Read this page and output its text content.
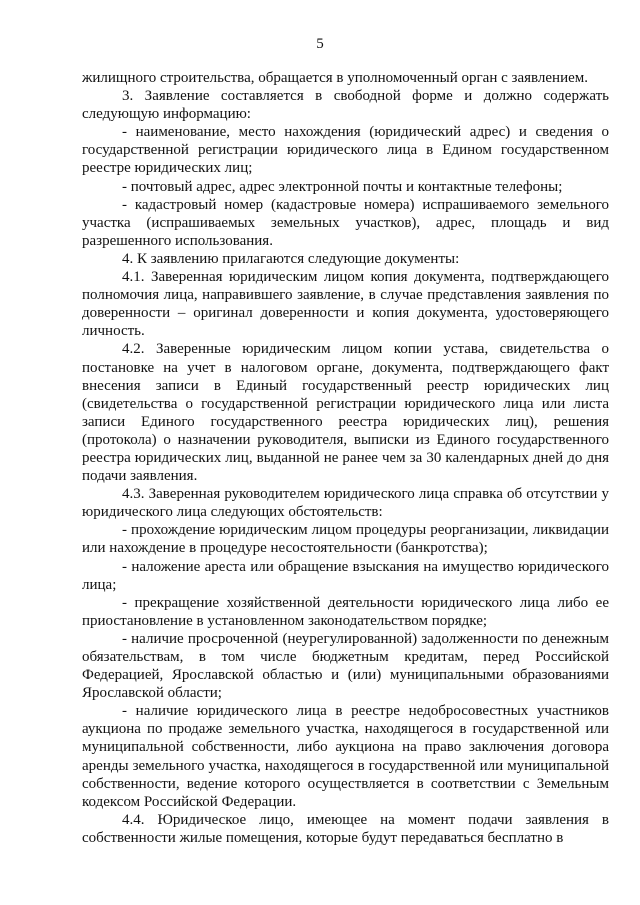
5

жилищного строительства, обращается в уполномоченный орган с заявлением.

3. Заявление составляется в свободной форме и должно содержать следующую информацию:

- наименование, место нахождения (юридический адрес) и сведения о государственной регистрации юридического лица в Едином государственном реестре юридических лиц;

- почтовый адрес, адрес электронной почты и контактные телефоны;

- кадастровый номер (кадастровые номера) испрашиваемого земельного участка (испрашиваемых земельных участков), адрес, площадь и вид разрешенного использования.

4. К заявлению прилагаются следующие документы:

4.1. Заверенная юридическим лицом копия документа, подтверждающего полномочия лица, направившего заявление, в случае представления заявления по доверенности – оригинал доверенности и копия документа, удостоверяющего личность.

4.2. Заверенные юридическим лицом копии устава, свидетельства о постановке на учет в налоговом органе, документа, подтверждающего факт внесения записи в Единый государственный реестр юридических лиц (свидетельства о государственной регистрации юридического лица или листа записи Единого государственного реестра юридических лиц), решения (протокола) о назначении руководителя, выписки из Единого государственного реестра юридических лиц, выданной не ранее чем за 30 календарных дней до дня подачи заявления.

4.3. Заверенная руководителем юридического лица справка об отсутствии у юридического лица следующих обстоятельств:

- прохождение юридическим лицом процедуры реорганизации, ликвидации или нахождение в процедуре несостоятельности (банкротства);

- наложение ареста или обращение взыскания на имущество юридического лица;

- прекращение хозяйственной деятельности юридического лица либо ее приостановление в установленном законодательством порядке;

- наличие просроченной (неурегулированной) задолженности по денежным обязательствам, в том числе бюджетным кредитам, перед Российской Федерацией, Ярославской областью и (или) муниципальными образованиями Ярославской области;

- наличие юридического лица в реестре недобросовестных участников аукциона по продаже земельного участка, находящегося в государственной или муниципальной собственности, либо аукциона на право заключения договора аренды земельного участка, находящегося в государственной или муниципальной собственности, ведение которого осуществляется в соответствии с Земельным кодексом Российской Федерации.

4.4. Юридическое лицо, имеющее на момент подачи заявления в собственности жилые помещения, которые будут передаваться бесплатно в
